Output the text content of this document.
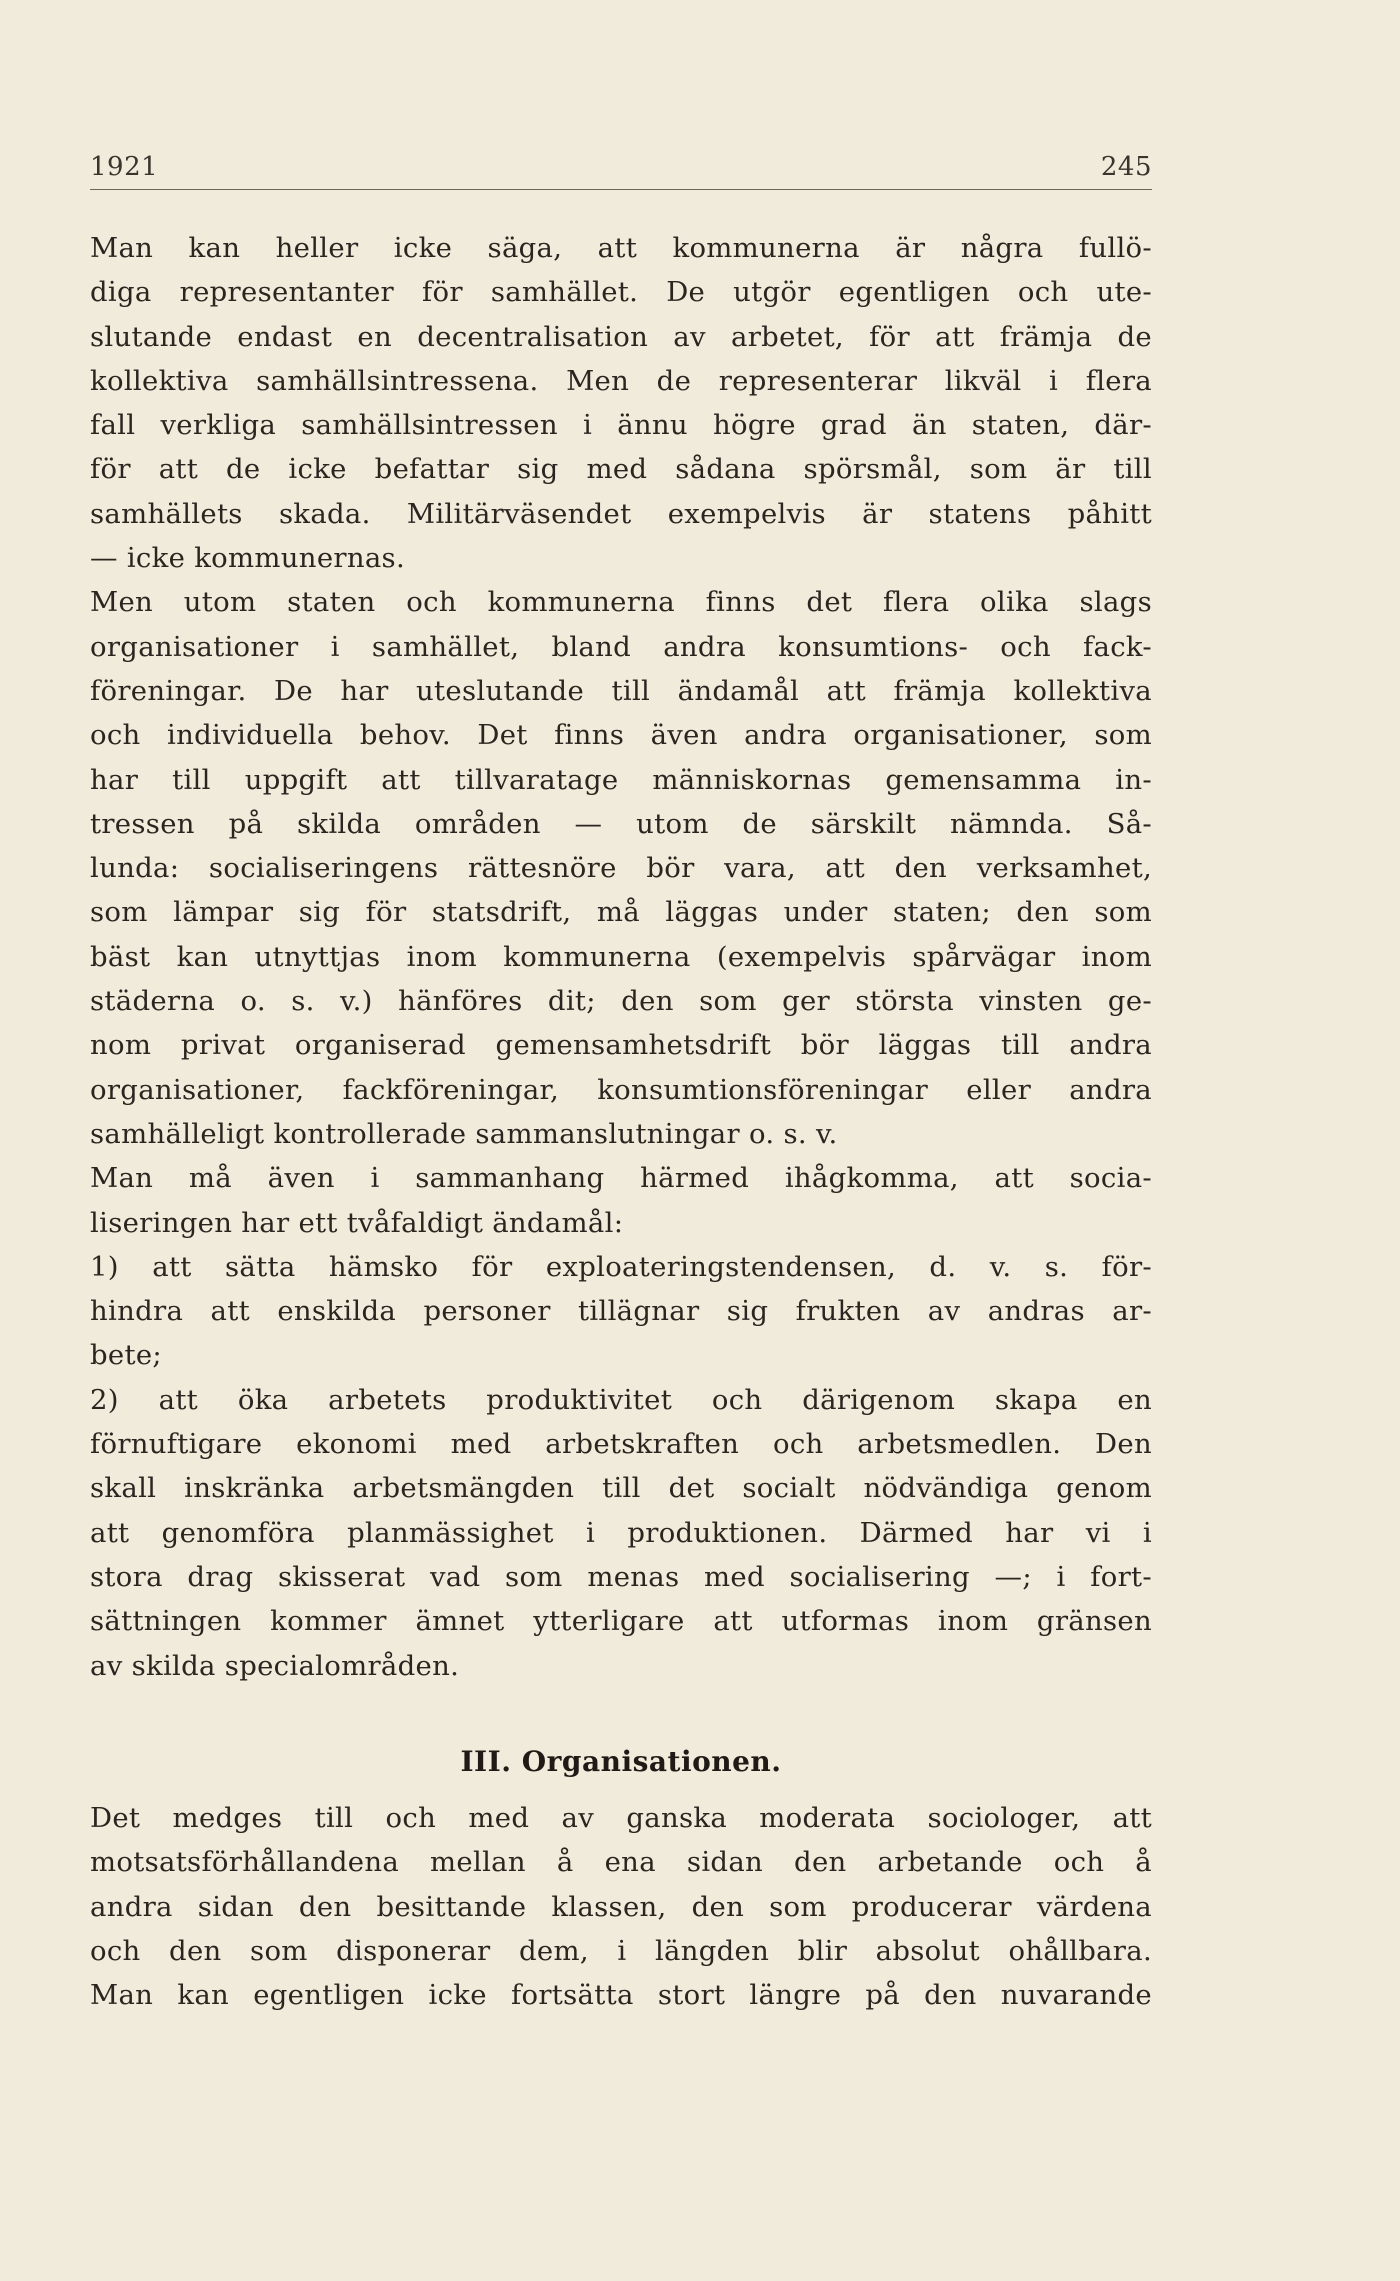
1921	245
Man kan heller icke säga, att kommunerna är några fullö-
diga representanter för samhället. De utgör egentligen och ute-
slutande endast en decentralisation av arbetet, för att främja de
kollektiva samhällsintressena. Men de representerar likväl i flera
fall verkliga samhällsintressen i ännu högre grad än staten, där-
för att de icke befattar sig med sådana spörsmål, som är till
samhällets skada. Militärväsendet exempelvis är statens påhitt
— icke kommunernas.
Men utom staten och kommunerna finns det flera olika slags
organisationer i samhället, bland andra konsumtions- och fack-
föreningar. De har uteslutande till ändamål att främja kollektiva
och individuella behov. Det finns även andra organisationer, som
har till uppgift att tillvaratage människornas gemensamma in-
tressen på skilda områden — utom de särskilt nämnda. Så-
lunda: socialiseringens rättesnöre bör vara, att den verksamhet,
som lämpar sig för statsdrift, må läggas under staten; den som
bäst kan utnyttjas inom kommunerna (exempelvis spårvägar inom
städerna o. s. v.) hänföres dit; den som ger största vinsten ge-
nom privat organiserad gemensamhetsdrift bör läggas till andra
organisationer, fackföreningar, konsumtionsföreningar eller andra
samhälleligt kontrollerade sammanslutningar o. s. v.
Man må även i sammanhang härmed ihågkomma, att socia-
liseringen har ett tvåfaldigt ändamål:
1) att sätta hämsko för exploateringstendensen, d. v. s. för-
hindra att enskilda personer tillägnar sig frukten av andras ar-
bete;
2) att öka arbetets produktivitet och därigenom skapa en
förnuftigare ekonomi med arbetskraften och arbetsmedlen. Den
skall inskränka arbetsmängden till det socialt nödvändiga genom
att genomföra planmässighet i produktionen. Därmed har vi i
stora drag skisserat vad som menas med socialisering —; i fort-
sättningen kommer ämnet ytterligare att utformas inom gränsen
av skilda specialområden.
III. Organisationen.
Det medges till och med av ganska moderata sociologer, att
motsatsförhållandena mellan å ena sidan den arbetande och å
andra sidan den besittande klassen, den som producerar värdena
och den som disponerar dem, i längden blir absolut ohållbara.
Man kan egentligen icke fortsätta stort längre på den nuvarande
